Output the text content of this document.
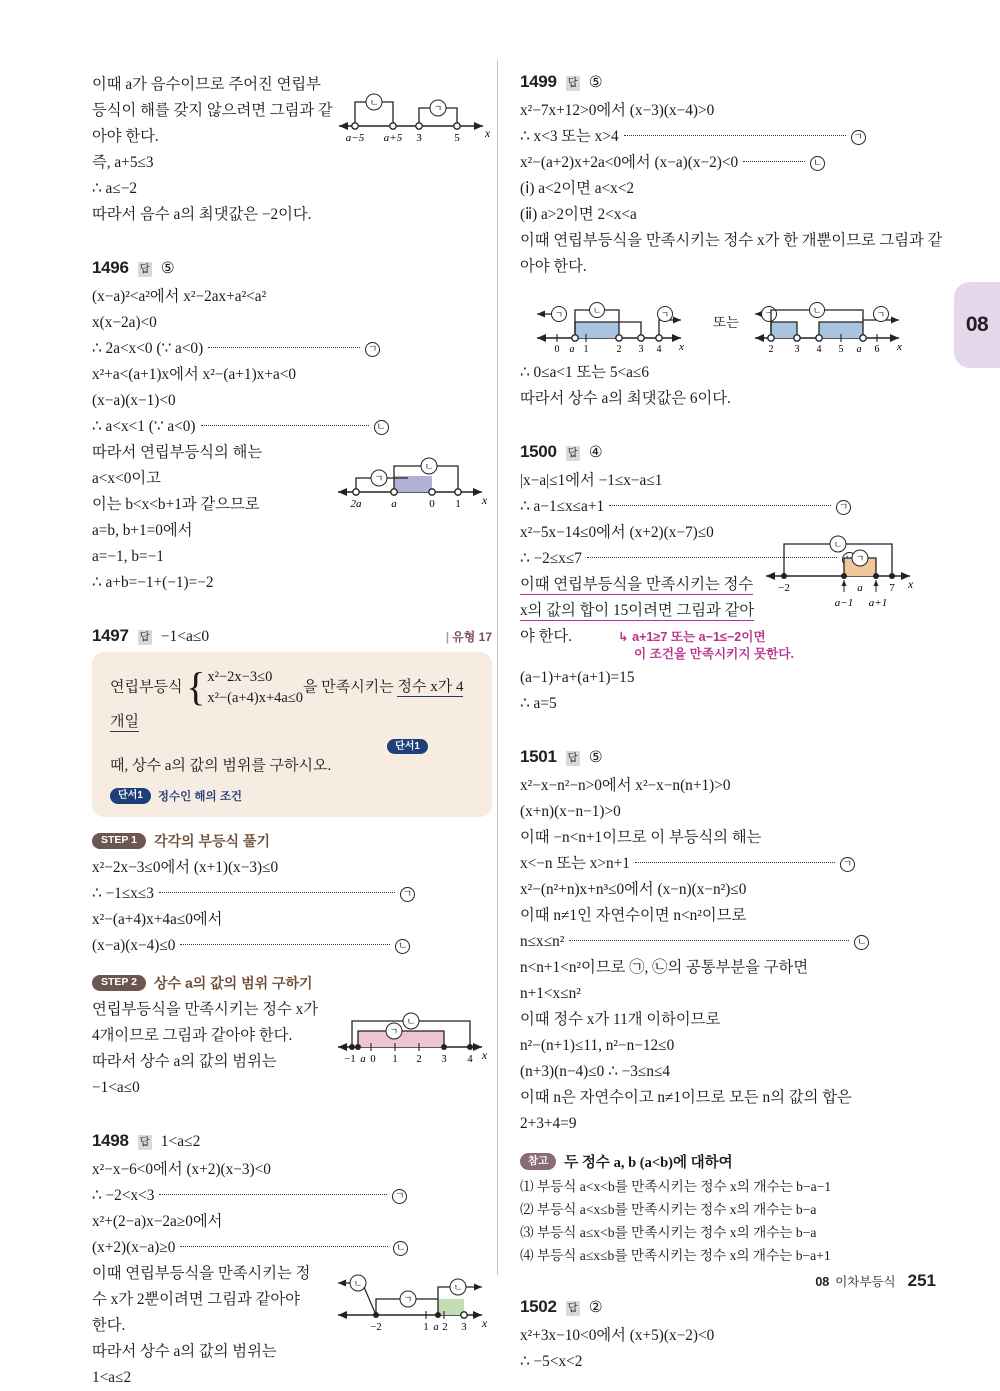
이때 a가 음수이므로 주어진 연립부

등식이 해를 갖지 않으려면 그림과 같

아야 한다.

즉, a+5≤3

∴ a≤−2

따라서 음수 a의 최댓값은 −2이다.

ㄴ
ㄱ
a−5 a+5 3	5 x
1496 답 ⑤

(x−a)²<a²에서 x²−2ax+a²<a²

x(x−2a)<0

∴ 2a<x<0 (∵ a<0)	ㄱ

x²+a<(a+1)x에서 x²−(a+1)x+a<0

(x−a)(x−1)<0

∴ a<x<1 (∵ a<0)	ㄴ

따라서 연립부등식의 해는

a<x<0이고

이는 b<x<b+1과 같으므로

a=b, b+1=0에서

a=−1, b=−1

∴ a+b=−1+(−1)=−2

ㄱ
ㄴ
2a	a	0 1 x
1497 답 −1<a≤0	| 유형 17
연립부등식 { x²−2x−3≤0
x²−(a+4)x+4a≤0
을 만족시키는 정수 x가 4개일
단서1
때, 상수 a의 값의 범위를 구하시오.
단서1	정수인 해의 조건
STEP 1	각각의 부등식 풀기

x²−2x−3≤0에서 (x+1)(x−3)≤0

∴ −1≤x≤3	ㄱ

x²−(a+4)x+4a≤0에서

(x−a)(x−4)≤0	ㄴ

STEP 2	상수 a의 값의 범위 구하기

연립부등식을 만족시키는 정수 x가

4개이므로 그림과 같아야 한다.

따라서 상수 a의 값의 범위는

−1<a≤0

ㄴ
ㄱ
−1 a 0 1 2 3 4 x
1498 답 1<a≤2

x²−x−6<0에서 (x+2)(x−3)<0

∴ −2<x<3	ㄱ

x²+(2−a)x−2a≥0에서

(x+2)(x−a)≥0	ㄴ

이때 연립부등식을 만족시키는 정

수 x가 2뿐이려면 그림과 같아야

한다.

따라서 상수 a의 값의 범위는

1<a≤2

ㄴ
ㄱ
ㄴ
−2	1 a 2 3 x
1499 답 ⑤

x²−7x+12>0에서 (x−3)(x−4)>0

∴ x<3 또는 x>4	ㄱ

x²−(a+2)x+2a<0에서 (x−a)(x−2)<0	ㄴ

(ⅰ) a<2이면 a<x<2

(ⅱ) a>2이면 2<x<a

이때 연립부등식을 만족시키는 정수 x가 한 개뿐이므로 그림과 같

아야 한다.

ㄱ	ㄴ	ㄱ
0 a 1	2 3 4 x
또는	ㄱ	ㄴ	ㄱ
2 3 4 5 a 6 x

∴ 0≤a<1 또는 5<a≤6

따라서 상수 a의 최댓값은 6이다.

1500 답 ④

|x−a|≤1에서 −1≤x−a≤1

∴ a−1≤x≤a+1	ㄱ

x²−5x−14≤0에서 (x+2)(x−7)≤0

∴ −2≤x≤7

이때 연립부등식을 만족시키는 정수

x의 값의 합이 15이려면 그림과 같아

야 한다.

ㄴ
ㄱ
−2	a 7 x
a−1 a+1
↳ a+1≥7 또는 a−1≤−2이면
이 조건을 만족시키지 못한다.

(a−1)+a+(a+1)=15

∴ a=5

1501 답 ⑤

x²−x−n²−n>0에서 x²−x−n(n+1)>0

(x+n)(x−n−1)>0

이때 −n<n+1이므로 이 부등식의 해는

x<−n 또는 x>n+1	ㄱ

x²−(n²+n)x+n³≤0에서 (x−n)(x−n²)≤0

이때 n≠1인 자연수이면 n<n²이므로

n≤x≤n²	ㄴ

n<n+1<n²이므로 ㉠, ㉡의 공통부분을 구하면

n+1<x≤n²

이때 정수 x가 11개 이하이므로

n²−(n+1)≤11, n²−n−12≤0

(n+3)(n−4)≤0 ∴ −3≤n≤4

이때 n은 자연수이고 n≠1이므로 모든 n의 값의 합은

2+3+4=9

참고	두 정수 a, b (a<b)에 대하여

⑴ 부등식 a<x<b를 만족시키는 정수 x의 개수는 b−a−1

⑵ 부등식 a<x≤b를 만족시키는 정수 x의 개수는 b−a

⑶ 부등식 a≤x<b를 만족시키는 정수 x의 개수는 b−a

⑷ 부등식 a≤x≤b를 만족시키는 정수 x의 개수는 b−a+1

1502 답 ②

x²+3x−10<0에서 (x+5)(x−2)<0

∴ −5<x<2

08
08 이차부등식 251
